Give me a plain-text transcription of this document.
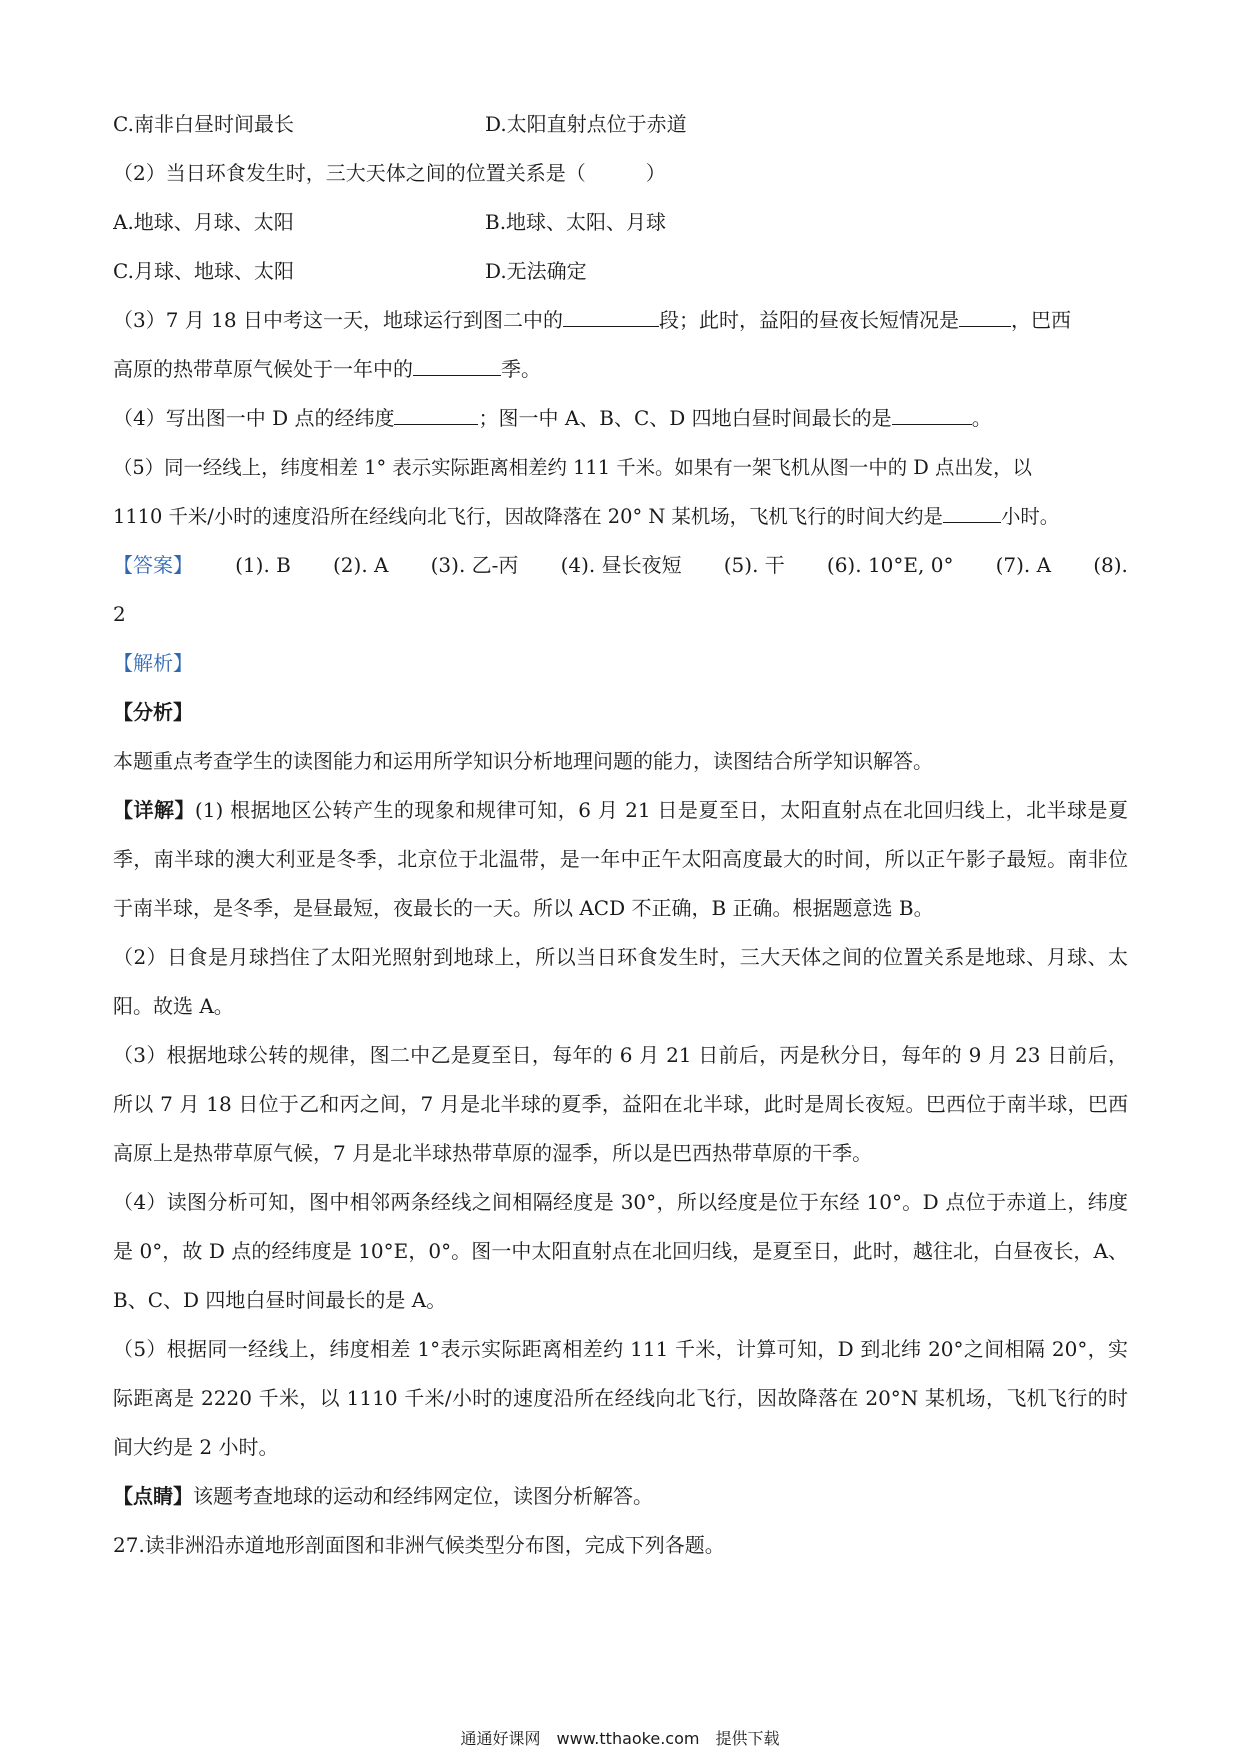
C.南非白昼时间最长	D.太阳直射点位于赤道
（2）当日环食发生时，三大天体之间的位置关系是（　　　）
A.地球、月球、太阳	B.地球、太阳、月球
C.月球、地球、太阳	D.无法确定
（3）7 月 18 日中考这一天，地球运行到图二中的	段；此时，益阳的昼夜长短情况是	，巴西
高原的热带草原气候处于一年中的	季。
（4）写出图一中 D 点的经纬度	；图一中 A、B、C、D 四地白昼时间最长的是	。
（5）同一经线上，纬度相差 1° 表示实际距离相差约 111 千米。如果有一架飞机从图一中的 D 点出发，以
1110 千米/小时的速度沿所在经线向北飞行，因故降落在 20° N 某机场，飞机飞行的时间大约是	小时。
【答案】 (1). B (2). A (3). 乙-丙 (4). 昼长夜短 (5). 干 (6). 10°E, 0° (7). A (8).
2
【解析】
【分析】
本题重点考查学生的读图能力和运用所学知识分析地理问题的能力，读图结合所学知识解答。
【详解】(1) 根据地区公转产生的现象和规律可知，6 月 21 日是夏至日，太阳直射点在北回归线上，北半球是夏季，南半球的澳大利亚是冬季，北京位于北温带，是一年中正午太阳高度最大的时间，所以正午影子最短。南非位于南半球，是冬季，是昼最短，夜最长的一天。所以 ACD 不正确，B 正确。根据题意选 B。
（2）日食是月球挡住了太阳光照射到地球上，所以当日环食发生时，三大天体之间的位置关系是地球、月球、太阳。故选 A。
（3）根据地球公转的规律，图二中乙是夏至日，每年的 6 月 21 日前后，丙是秋分日，每年的 9 月 23 日前后，所以 7 月 18 日位于乙和丙之间，7 月是北半球的夏季，益阳在北半球，此时是周长夜短。巴西位于南半球，巴西高原上是热带草原气候，7 月是北半球热带草原的湿季，所以是巴西热带草原的干季。
（4）读图分析可知，图中相邻两条经线之间相隔经度是 30°，所以经度是位于东经 10°。D 点位于赤道上，纬度是 0°，故 D 点的经纬度是 10°E，0°。图一中太阳直射点在北回归线，是夏至日，此时，越往北，白昼夜长，A、B、C、D 四地白昼时间最长的是 A。
（5）根据同一经线上，纬度相差 1°表示实际距离相差约 111 千米，计算可知，D 到北纬 20°之间相隔 20°，实际距离是 2220 千米，以 1110 千米/小时的速度沿所在经线向北飞行，因故降落在 20°N 某机场，飞机飞行的时间大约是 2 小时。
【点睛】该题考查地球的运动和经纬网定位，读图分析解答。
27.读非洲沿赤道地形剖面图和非洲气候类型分布图，完成下列各题。
通通好课网　www.tthaoke.com　提供下载
